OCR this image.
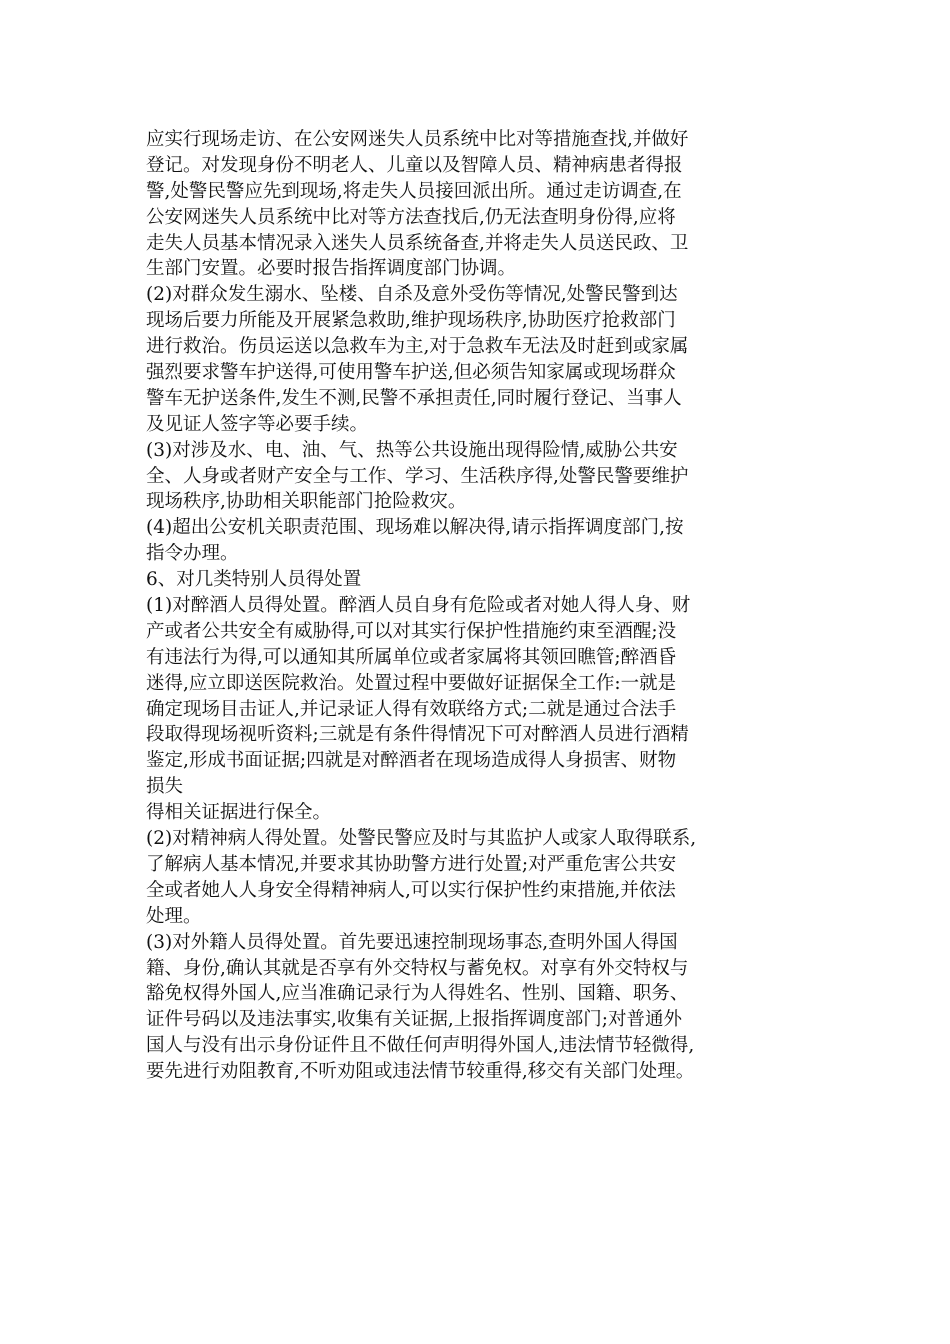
应实行现场走访、在公安网迷失人员系统中比对等措施查找,并做好
登记。对发现身份不明老人、儿童以及智障人员、精神病患者得报
警,处警民警应先到现场,将走失人员接回派出所。通过走访调查,在
公安网迷失人员系统中比对等方法查找后,仍无法查明身份得,应将
走失人员基本情况录入迷失人员系统备查,并将走失人员送民政、卫
生部门安置。必要时报告指挥调度部门协调。
(2)对群众发生溺水、坠楼、自杀及意外受伤等情况,处警民警到达
现场后要力所能及开展紧急救助,维护现场秩序,协助医疗抢救部门
进行救治。伤员运送以急救车为主,对于急救车无法及时赶到或家属
强烈要求警车护送得,可使用警车护送,但必须告知家属或现场群众
警车无护送条件,发生不测,民警不承担责任,同时履行登记、当事人
及见证人签字等必要手续。
(3)对涉及水、电、油、气、热等公共设施出现得险情,威胁公共安
全、人身或者财产安全与工作、学习、生活秩序得,处警民警要维护
现场秩序,协助相关职能部门抢险救灾。
(4)超出公安机关职责范围、现场难以解决得,请示指挥调度部门,按
指令办理。
6、对几类特别人员得处置
(1)对醉酒人员得处置。醉酒人员自身有危险或者对她人得人身、财
产或者公共安全有威胁得,可以对其实行保护性措施约束至酒醒;没
有违法行为得,可以通知其所属单位或者家属将其领回瞧管;醉酒昏
迷得,应立即送医院救治。处置过程中要做好证据保全工作:一就是
确定现场目击证人,并记录证人得有效联络方式;二就是通过合法手
段取得现场视听资料;三就是有条件得情况下可对醉酒人员进行酒精
鉴定,形成书面证据;四就是对醉酒者在现场造成得人身损害、财物
损失
得相关证据进行保全。
(2)对精神病人得处置。处警民警应及时与其监护人或家人取得联系,
了解病人基本情况,并要求其协助警方进行处置;对严重危害公共安
全或者她人人身安全得精神病人,可以实行保护性约束措施,并依法
处理。
(3)对外籍人员得处置。首先要迅速控制现场事态,查明外国人得国
籍、身份,确认其就是否享有外交特权与蓄免权。对享有外交特权与
豁免权得外国人,应当准确记录行为人得姓名、性别、国籍、职务、
证件号码以及违法事实,收集有关证据,上报指挥调度部门;对普通外
国人与没有出示身份证件且不做任何声明得外国人,违法情节轻微得,
要先进行劝阻教育,不听劝阻或违法情节较重得,移交有关部门处理。
